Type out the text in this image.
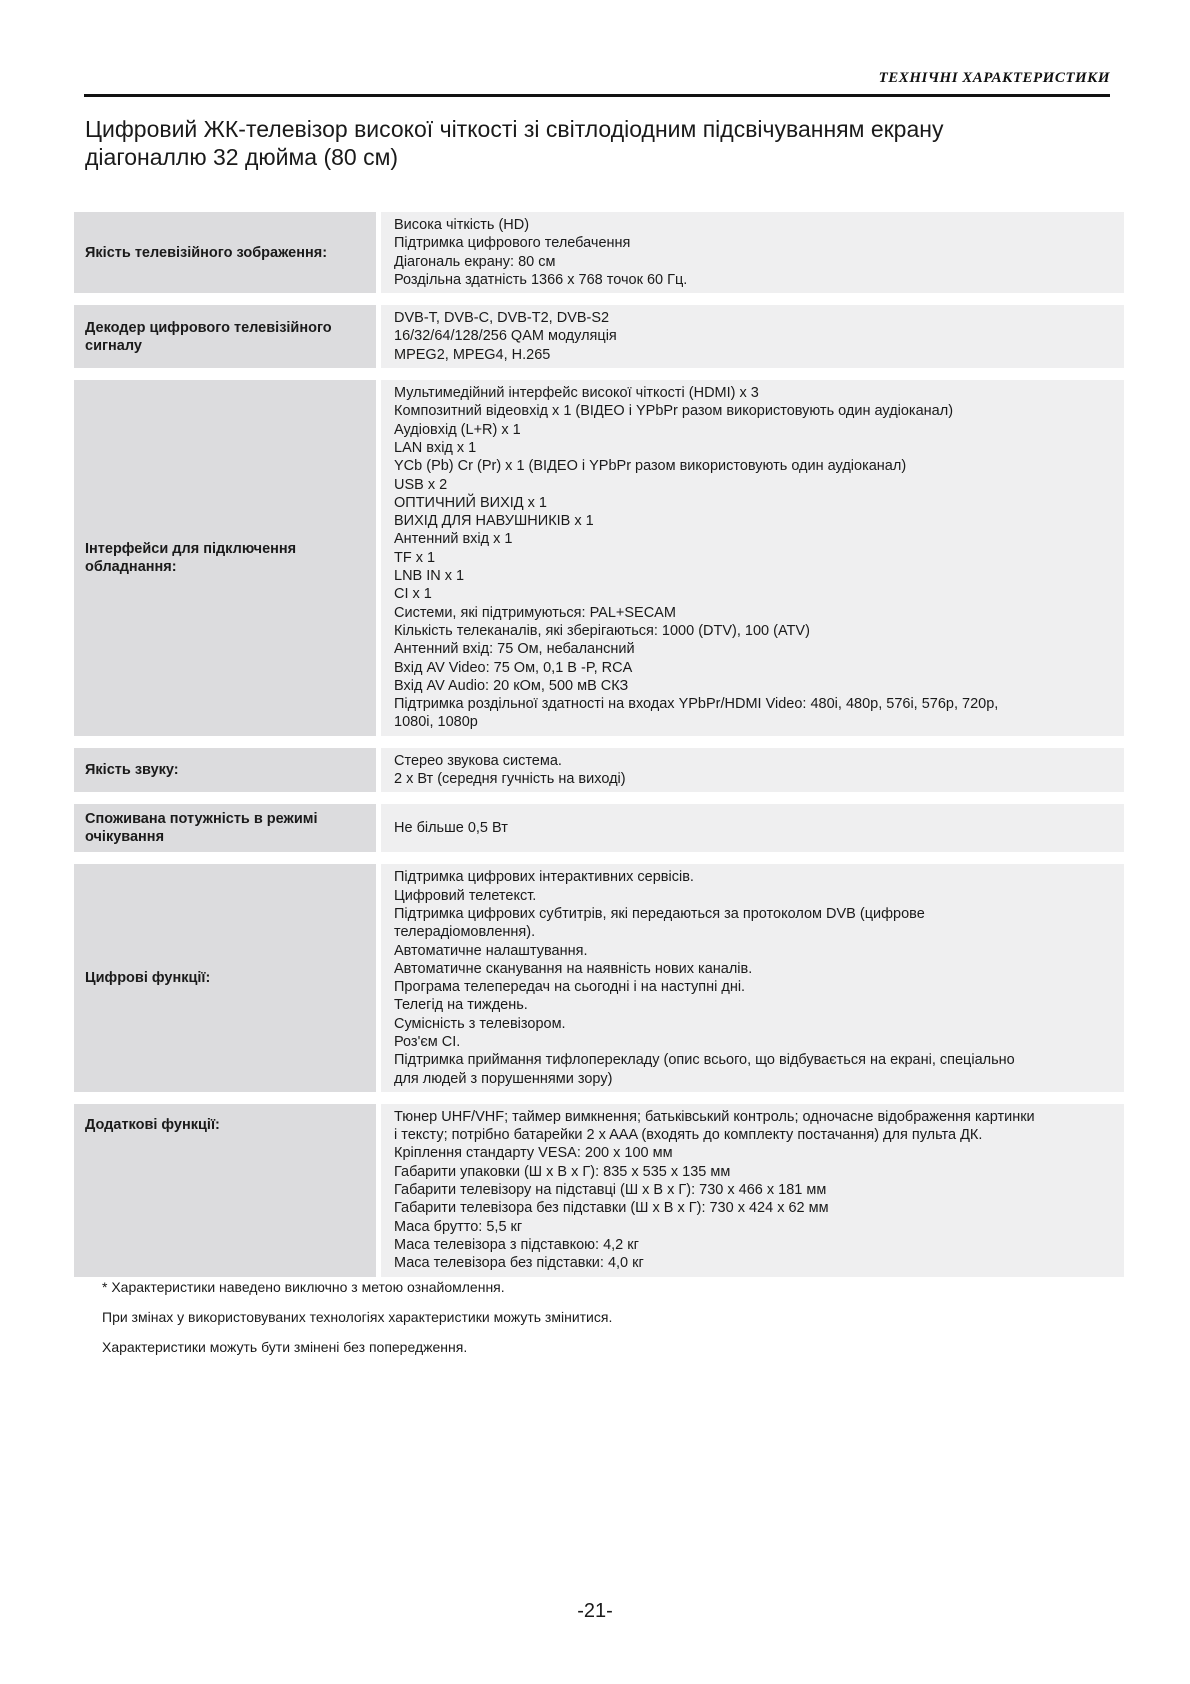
ТЕХНІЧНІ ХАРАКТЕРИСТИКИ
Цифровий ЖК-телевізор високої чіткості зі світлодіодним підсвічуванням екрану
діагоналлю 32 дюйма (80 см)
Якість телевізійного зображення:
Висока чіткість (HD)
Підтримка цифрового телебачення
Діагональ екрану: 80 см
Роздільна здатність 1366 х 768 точок 60 Гц.
Декодер цифрового телевізійного сигналу
DVB-T, DVB-C, DVB-T2, DVB-S2
16/32/64/128/256 QAM модуляція
MPEG2, MPEG4, H.265
Інтерфейси для підключення обладнання:
Мультимедійний інтерфейс високої чіткості (HDMI) x 3
Композитний відеовхід x 1 (ВІДЕО і YPbPr разом використовують один аудіоканал)
Аудіовхід (L+R) x 1
LAN вхід x 1
YCb (Pb) Cr (Pr) x 1 (ВІДЕО і YPbPr разом використовують один аудіоканал)
USB x 2
ОПТИЧНИЙ ВИХІД x 1
ВИХІД ДЛЯ НАВУШНИКІВ x 1
Антенний вхід x 1
TF x 1
LNB IN x 1
CI x 1
Системи, які підтримуються: PAL+SECAM
Кількість телеканалів, які зберігаються: 1000 (DTV), 100 (ATV)
Антенний вхід: 75 Ом, небалансний
Вхід AV Video: 75 Ом, 0,1 В -P, RCA
Вхід AV Audio: 20 кОм, 500 мВ СКЗ
Підтримка роздільної здатності на входах YPbPr/HDMI Video: 480i, 480p, 576i, 576p, 720p,
1080i, 1080p
Якість звуку:
Стерео звукова система.
2 x Вт (середня гучність на виході)
Споживана потужність в режимі очікування
Не більше 0,5 Вт
Цифрові функції:
Підтримка цифрових інтерактивних сервісів.
Цифровий телетекст.
Підтримка цифрових субтитрів, які передаються за протоколом DVB (цифрове
телерадіомовлення).
Автоматичне налаштування.
Автоматичне сканування на наявність нових каналів.
Програма телепередач на сьогодні і на наступні дні.
Телегід на тиждень.
Сумісність з телевізором.
Роз'єм CI.
Підтримка приймання тифлоперекладу (опис всього, що відбувається на екрані, спеціально
для людей з порушеннями зору)
Додаткові функції:	Тюнер UHF/VHF; таймер вимкнення; батьківський контроль; одночасне відображення картинки
і тексту; потрібно батарейки 2 x AAA (входять до комплекту постачання) для пульта ДК.
Кріплення стандарту VESA: 200 x 100 мм
Габарити упаковки (Ш x В x Г): 835 x 535 x 135 мм
Габарити телевізору на підставці (Ш x В x Г): 730 x 466 x 181 мм
Габарити телевізора без підставки (Ш x В x Г): 730 x 424 x 62 мм
Маса брутто: 5,5 кг
Маса телевізора з підставкою: 4,2 кг
Маса телевізора без підставки: 4,0 кг
* Характеристики наведено виключно з метою ознайомлення.
При змінах у використовуваних технологіях характеристики можуть змінитися.
Характеристики можуть бути змінені без попередження.
-21-
